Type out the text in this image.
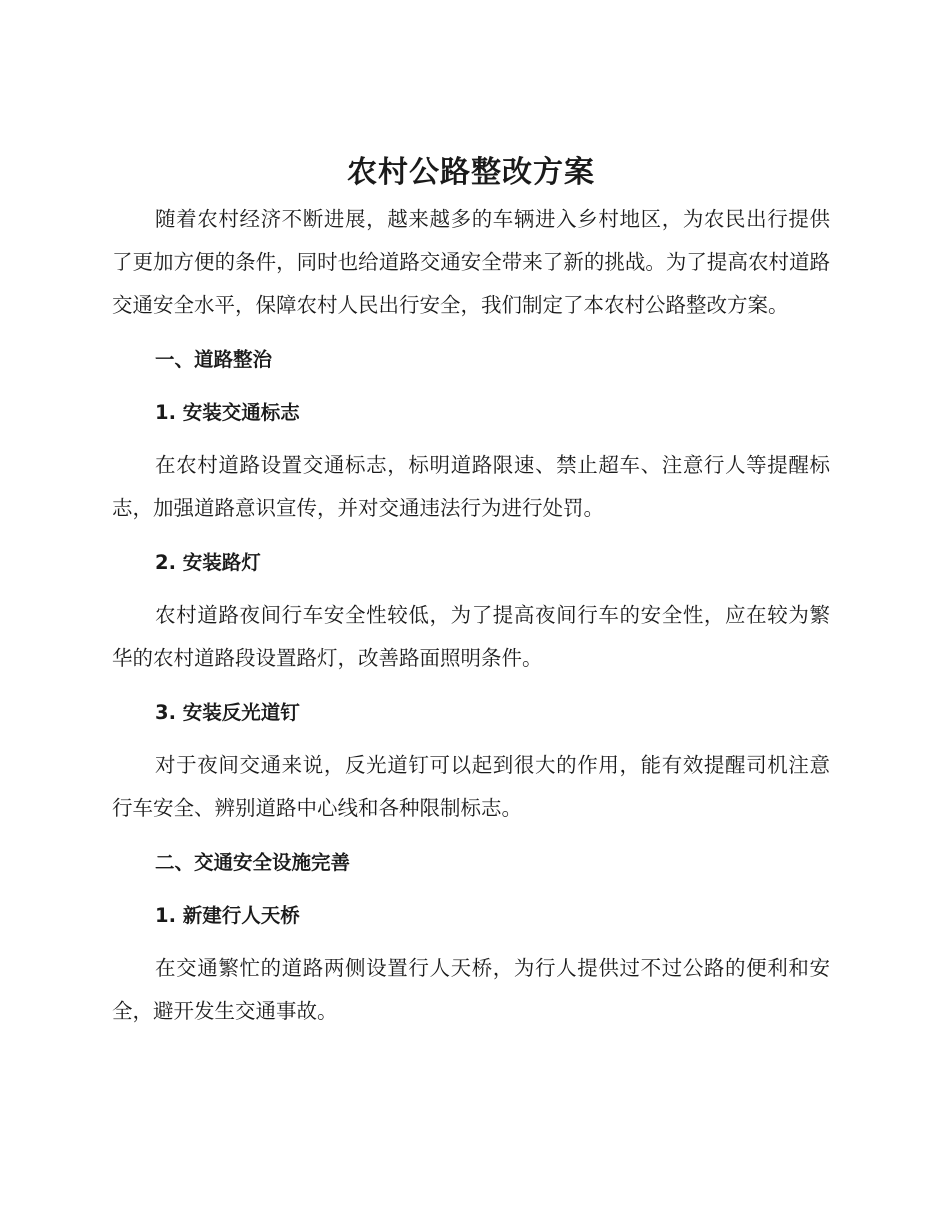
农村公路整改方案

随着农村经济不断进展，越来越多的车辆进入乡村地区，为农民出行提供了更加方便的条件，同时也给道路交通安全带来了新的挑战。为了提高农村道路交通安全水平，保障农村人民出行安全，我们制定了本农村公路整改方案。

一、道路整治
1. 安装交通标志

在农村道路设置交通标志，标明道路限速、禁止超车、注意行人等提醒标志，加强道路意识宣传，并对交通违法行为进行处罚。

2. 安装路灯

农村道路夜间行车安全性较低，为了提高夜间行车的安全性，应在较为繁华的农村道路段设置路灯，改善路面照明条件。

3. 安装反光道钉

对于夜间交通来说，反光道钉可以起到很大的作用，能有效提醒司机注意行车安全、辨别道路中心线和各种限制标志。

二、交通安全设施完善
1. 新建行人天桥

在交通繁忙的道路两侧设置行人天桥，为行人提供过不过公路的便利和安全，避开发生交通事故。
